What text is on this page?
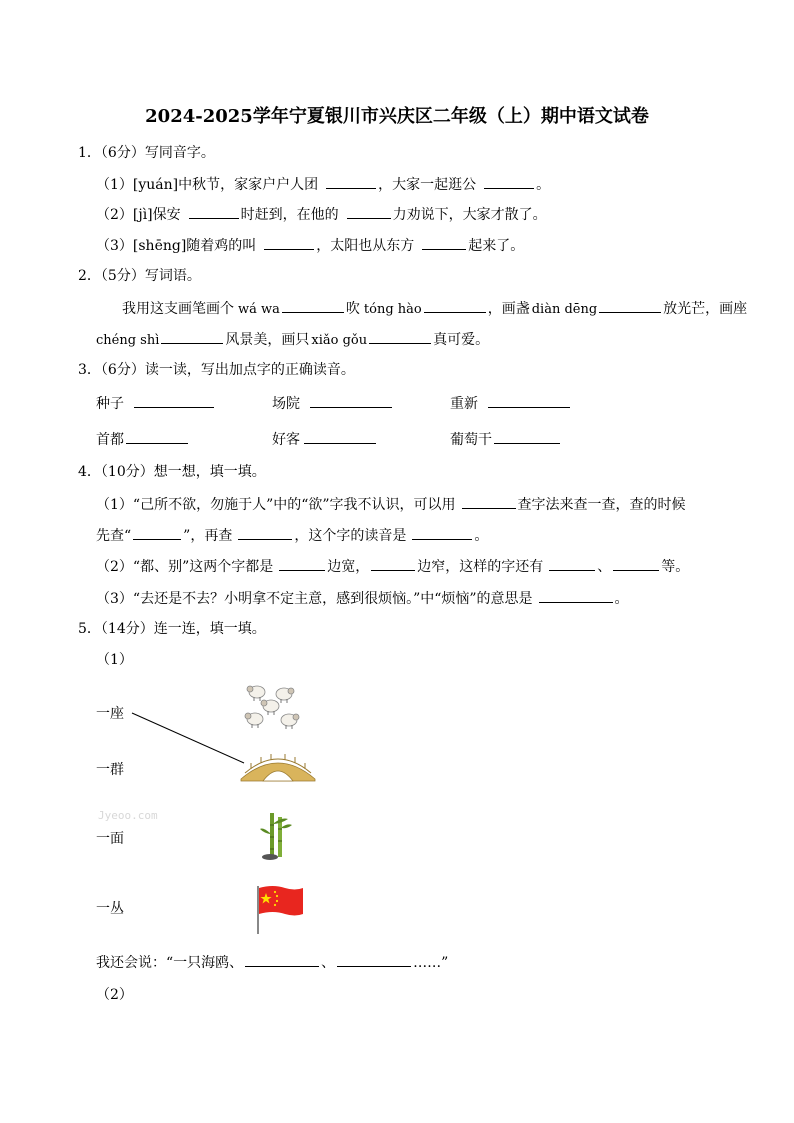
2024-2025学年宁夏银川市兴庆区二年级（上）期中语文试卷
1．（6分）写同音字。
（1）[yuán]中秋节，家家户户人团	，大家一起逛公	。
（2）[jì]保安	时赶到，在他的	力劝说下，大家才散了。
（3）[shēng]随着鸡的叫	，太阳也从东方	起来了。
2．（5分）写词语。
我用这支画笔画个 wá wa	吹 tóng hào	，画盏 diàn dēng	放光芒，画座
chéng shì	风景美，画只 xiǎo gǒu	真可爱。
3．（6分）读一读，写出加点字的正确读音。
种子	场院	重新
首都	好客	葡萄干
4．（10分）想一想，填一填。
（1）“己所不欲，勿施于人”中的“欲”字我不认识，可以用	查字法来查一查，查的时候
先查“	”，再查	，这个字的读音是	。
（2）“都、别”这两个字都是	边宽，	边窄，这样的字还有	、	等。
（3）“去还是不去？小明拿不定主意，感到很烦恼。”中“烦恼”的意思是	。
5．（14分）连一连，填一填。
（1）
一座
一群
一面
一丛
Jyeoo.com
我还会说：“一只海鸥、	、	……”
（2）
